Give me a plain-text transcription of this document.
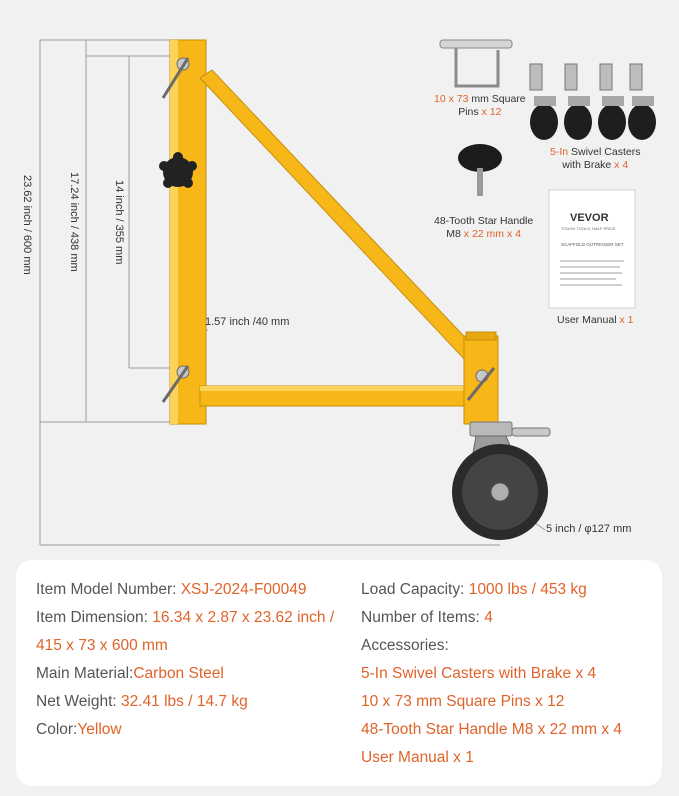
VEVOR
TOUGH TOOLS, HALF PRICE
SCAFFOLD OUTRIGGER SET
23.62 inch / 600 mm	17.24 inch / 438 mm	14 inch / 355 mm
1.57 inch /40 mm
5 inch / φ127 mm
10 x 73 mm Square
Pins x 12
5-In Swivel Casters
with Brake x 4
48-Tooth Star Handle
M8 x 22 mm x 4
User Manual x 1
Item Model Number: XSJ-2024-F00049
Item Dimension: 16.34 x 2.87 x 23.62 inch /
415 x 73 x 600 mm
Main Material:Carbon Steel
Net Weight: 32.41 lbs / 14.7 kg
Color:Yellow
Load Capacity: 1000 lbs / 453 kg
Number of Items: 4
Accessories:
5-In Swivel Casters with Brake x 4
10 x 73 mm Square Pins x 12
48-Tooth Star Handle M8 x 22 mm x 4
User Manual x 1
